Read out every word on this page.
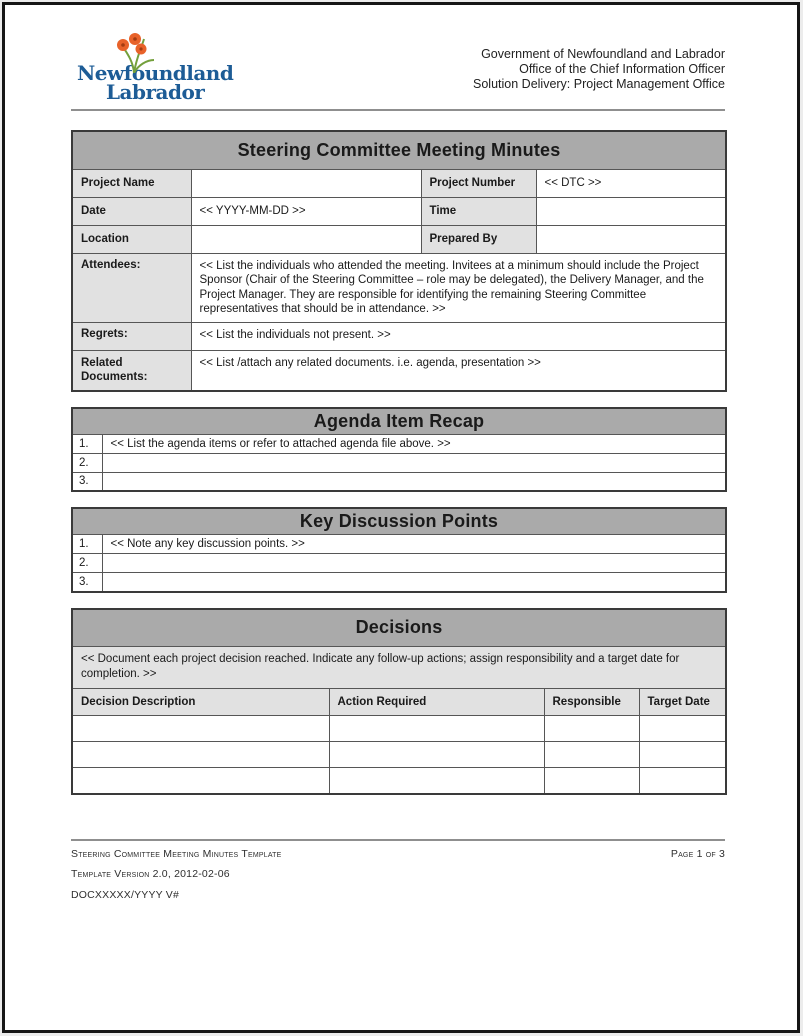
Newfoundland
Labrador
Government of Newfoundland and Labrador
Office of the Chief Information Officer
Solution Delivery: Project Management Office
Steering Committee Meeting Minutes			
Project Name		Project Number	<< DTC >>
Date	<< YYYY-MM-DD >>	Time	
Location		Prepared By	
Attendees:	<< List the individuals who attended the meeting. Invitees at a minimum should include the Project Sponsor (Chair of the Steering Committee – role may be delegated), the Delivery Manager, and the Project Manager. They are responsible for identifying the remaining Steering Committee representatives that should be in attendance. >>		
Regrets:	<< List the individuals not present. >>		
Related Documents:	<< List /attach any related documents. i.e. agenda, presentation >>		
Agenda Item Recap	
1.	<< List the agenda items or refer to attached agenda file above. >>
2.	
3.	
Key Discussion Points	
1.	<< Note any key discussion points. >>
2.	
3.	
Decisions			
<< Document each project decision reached. Indicate any follow-up actions; assign responsibility and a target date for completion. >>			
Decision Description	Action Required	Responsible	Target Date

Steering Committee Meeting Minutes Template	Page 1 of 3
Template Version 2.0, 2012-02-06
DOCXXXXX/YYYY V#
